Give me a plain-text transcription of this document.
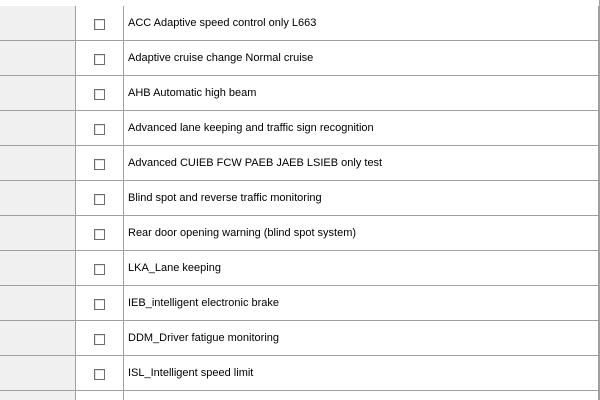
ACC Adaptive speed control only L663
Adaptive cruise change Normal cruise
AHB Automatic high beam
Advanced lane keeping and traffic sign recognition
Advanced CUIEB FCW PAEB JAEB LSIEB only test
Blind spot and reverse traffic monitoring
Rear door opening warning (blind spot system)
LKA_Lane keeping
IEB_intelligent electronic brake
DDM_Driver fatigue monitoring
ISL_Intelligent speed limit
